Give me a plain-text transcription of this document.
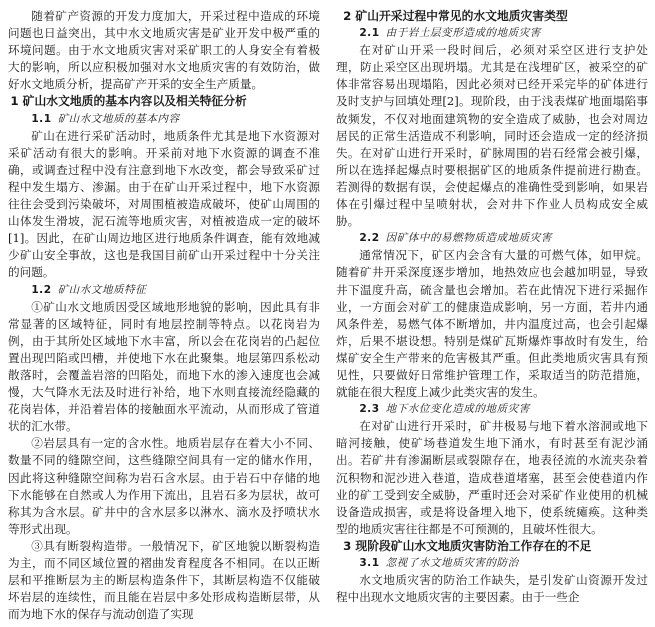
随着矿产资源的开发力度加大，开采过程中造成的环境问题也日益突出，其中水文地质灾害是矿业开发中极严重的环境问题。由于水文地质灾害对采矿职工的人身安全有着极大的影响，所以应积极加强对水文地质灾害的有效防治，做好水文地质分析，提高矿产开采的安全生产质量。

1 矿山水文地质的基本内容以及相关特征分析
1.1 矿山水文地质的基本内容

矿山在进行采矿活动时，地质条件尤其是地下水资源对采矿活动有很大的影响。开采前对地下水资源的调查不准确，或调查过程中没有注意到地下水改变，都会导致采矿过程中发生塌方、渗漏。由于在矿山开采过程中，地下水资源往往会受到污染破坏，对周围植被造成破坏，使矿山周围的山体发生滑坡，泥石流等地质灾害，对植被造成一定的破坏[1]。因此，在矿山周边地区进行地质条件调查，能有效地减少矿山安全事故，这也是我国目前矿山开采过程中十分关注的问题。

1.2 矿山水文地质特征

①矿山水文地质因受区域地形地貌的影响，因此具有非常显著的区域特征，同时有地层控制等特点。以花岗岩为例，由于其所处区域地下水丰富，所以会在花岗岩的凸起位置出现凹陷或凹槽，并使地下水在此聚集。地层第四系松动散落时，会覆盖岩溶的凹陷处，而地下水的渗入速度也会减慢，大气降水无法及时进行补给，地下水则直接流经隐藏的花岗岩体，并沿着岩体的接触面水平流动，从而形成了管道状的汇水带。

②岩层具有一定的含水性。地质岩层存在着大小不同、数量不同的缝隙空间，这些缝隙空间具有一定的储水作用，因此将这种缝隙空间称为岩石含水层。由于岩石中存储的地下水能够在自然或人为作用下流出，且岩石多为层状，故可称其为含水层。矿井中的含水层多以淋水、滴水及抒喷状水等形式出现。

③具有断裂构造带。一般情况下，矿区地貌以断裂构造为主，而不同区域位置的褶曲发育程度各不相同。在以正断层和平推断层为主的断层构造条件下，其断层构造不仅能破坏岩层的连续性，而且能在岩层中多处形成构造断层带，从而为地下水的保存与流动创造了实现

2 矿山开采过程中常见的水文地质灾害类型
2.1 由于岩土层变形造成的地质灾害

在对矿山开采一段时间后，必须对采空区进行支护处理，防止采空区出现坍塌。尤其是在浅埋矿区，被采空的矿体非常容易出现塌陷，因此必须对已经开采完毕的矿体进行及时支护与回填处理[2]。现阶段，由于浅表煤矿地面塌陷事故频发，不仅对地面建筑物的安全造成了威胁，也会对周边居民的正常生活造成不利影响，同时还会造成一定的经济损失。在对矿山进行开采时，矿脉周围的岩石经常会被引爆，所以在选择起爆点时要根据矿区的地质条件提前进行勘查。若测得的数据有误，会使起爆点的准确性受到影响，如果岩体在引爆过程中呈喷射状，会对井下作业人员构成安全威胁。

2.2 因矿体中的易燃物质造成地质灾害

通常情况下，矿区内会含有大量的可燃气体，如甲烷。随着矿井开采深度逐步增加，地热效应也会越加明显，导致井下温度升高，硫含量也会增加。若在此情况下进行采掘作业，一方面会对矿工的健康造成影响，另一方面，若井内通风条件差，易燃气体不断增加，井内温度过高，也会引起爆炸，后果不堪设想。特别是煤矿瓦斯爆炸事故时有发生，给煤矿安全生产带来的危害极其严重。但此类地质灾害具有预见性，只要做好日常维护管理工作，采取适当的防范措施，就能在很大程度上减少此类灾害的发生。

2.3 地下水位变化造成的地质灾害

在对矿山进行开采时，矿井极易与地下着水溶洞或地下暗河接触，使矿场巷道发生地下涌水，有时甚至有泥沙涌出。若矿井有渗漏断层或裂隙存在，地表径流的水流夹杂着沉积物和泥沙进入巷道，造成巷道堵塞，甚至会使巷道内作业的矿工受到安全威胁，严重时还会对采矿作业使用的机械设备造成损害，或是将设备埋入地下，使系统瘫痪。这种类型的地质灾害往往都是不可预测的，且破坏性很大。

3 现阶段矿山水文地质灾害防治工作存在的不足
3.1 忽视了水文地质灾害的防治

水文地质灾害的防治工作缺失，是引发矿山资源开发过程中出现水文地质灾害的主要因素。由于一些企
